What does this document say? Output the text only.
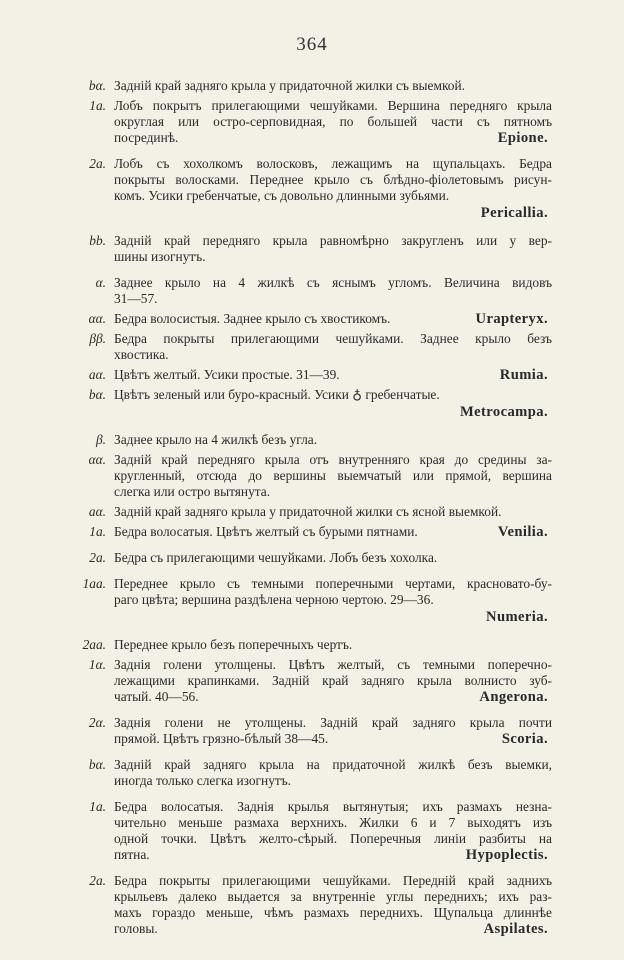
364
bα. Задній край задняго крыла у придаточной жилки съ выемкой.
1a. Лобъ покрытъ прилегающими чешуйками. Вершина передняго крыла
округлая или остро-серповидная, по большей части съ пятномъ
посрединѣ.	Epione.
2a. Лобъ съ хохолкомъ волосковъ, лежащимъ на щупальцахъ. Бедра
покрыты волосками. Переднее крыло съ блѣдно-фіолетовымъ рисун-
комъ. Усики гребенчатые, съ довольно длинными зубьями.
Pericallia.
bb. Задній край передняго крыла равномѣрно закругленъ или у вер-
шины изогнутъ.
α. Заднее крыло на 4 жилкѣ съ яснымъ угломъ. Величина видовъ
31—57.
αα. Бедра волосистыя. Заднее крыло съ хвостикомъ.	Urapteryx.
ββ. Бедра покрыты прилегающими чешуйками. Заднее крыло безъ
хвостика.
aα. Цвѣтъ желтый. Усики простые. 31—39.	Rumia.
bα. Цвѣтъ зеленый или буро-красный. Усики ♁ гребенчатые.
Metrocampa.
β. Заднее крыло на 4 жилкѣ безъ угла.
αα. Задній край передняго крыла отъ внутренняго края до средины за-
кругленный, отсюда до вершины выемчатый или прямой, вершина
слегка или остро вытянута.
aα. Задній край задняго крыла у придаточной жилки съ ясной выемкой.
1a. Бедра волосатыя. Цвѣтъ желтый съ бурыми пятнами.	Venilia.
2a. Бедра съ прилегающими чешуйками. Лобъ безъ хохолка.
1aa. Переднее крыло съ темными поперечными чертами, красновато-бу-
раго цвѣта; вершина раздѣлена черною чертою. 29—36.
Numeria.
2aa. Переднее крыло безъ поперечныхъ чертъ.
1α. Заднія голени утолщены. Цвѣтъ желтый, съ темными поперечно-
лежащими крапинками. Задній край задняго крыла волнисто зуб-
чатый. 40—56.	Angerona.
2α. Заднія голени не утолщены. Задній край задняго крыла почти
прямой. Цвѣтъ грязно-бѣлый 38—45.	Scoria.
bα. Задній край задняго крыла на придаточной жилкѣ безъ выемки,
иногда только слегка изогнутъ.
1a. Бедра волосатыя. Заднія крылья вытянутыя; ихъ размахъ незна-
чительно меньше размаха верхнихъ. Жилки 6 и 7 выходятъ изъ
одной точки. Цвѣтъ желто-сѣрый. Поперечныя линіи разбиты на
пятна.	Hypoplectis.
2a. Бедра покрыты прилегающими чешуйками. Передній край заднихъ
крыльевъ далеко выдается за внутренніе углы переднихъ; ихъ раз-
махъ гораздо меньше, чѣмъ размахъ переднихъ. Щупальца длиннѣе
головы.	Aspilates.
